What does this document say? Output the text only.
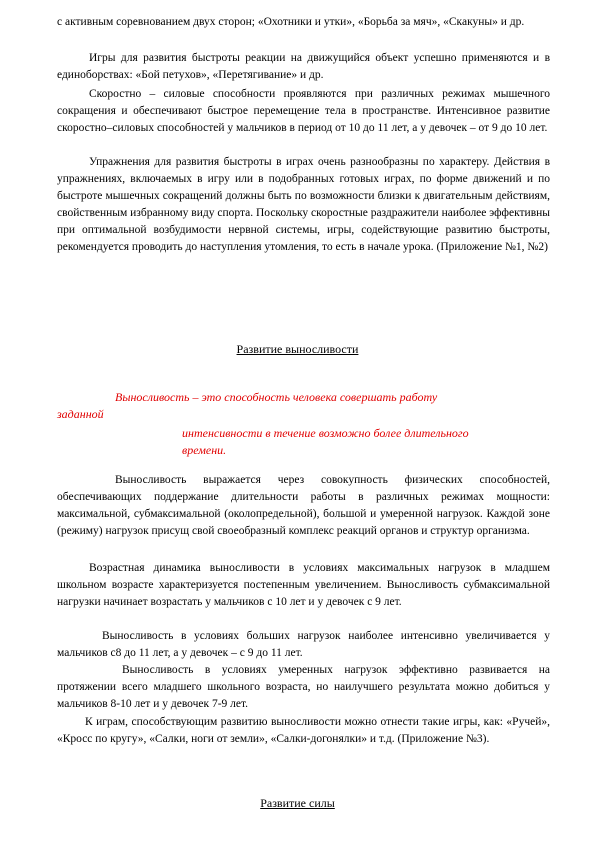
с активным соревнованием двух сторон; «Охотники и утки», «Борьба за мяч», «Скакуны» и др.

Игры для развития быстроты реакции на движущийся объект успешно применяются и в единоборствах: «Бой петухов», «Перетягивание» и др.

Скоростно – силовые способности проявляются при различных режимах мышечного сокращения и обеспечивают быстрое перемещение тела в пространстве. Интенсивное развитие скоростно–силовых способностей у мальчиков в период от 10 до 11 лет, а у девочек – от 9 до 10 лет.

Упражнения для развития быстроты в играх очень разнообразны по характеру. Действия в упражнениях, включаемых в игру или в подобранных готовых играх, по форме движений и по быстроте мышечных сокращений должны быть по возможности близки к двигательным действиям, свойственным избранному виду спорта. Поскольку скоростные раздражители наиболее эффективны при оптимальной возбудимости нервной системы, игры, содействующие развитию быстроты, рекомендуется проводить до наступления утомления, то есть в начале урока. (Приложение №1, №2)

Развитие выносливости

Выносливость – это способность человека совершать работу

заданной

интенсивности в течение возможно более длительного

времени.

Выносливость выражается через совокупность физических способностей, обеспечивающих поддержание длительности работы в различных режимах мощности: максимальной, субмаксимальной (околопредельной), большой и умеренной нагрузок. Каждой зоне (режиму) нагрузок присущ свой своеобразный комплекс реакций органов и структур организма.

Возрастная динамика выносливости в условиях максимальных нагрузок в младшем школьном возрасте характеризуется постепенным увеличением. Выносливость субмаксимальной нагрузки начинает возрастать у мальчиков с 10 лет и у девочек с 9 лет.

Выносливость в условиях больших нагрузок наиболее интенсивно увеличивается у мальчиков с8 до 11 лет, а у девочек – с 9 до 11 лет.

Выносливость в условиях умеренных нагрузок эффективно развивается на протяжении всего младшего школьного возраста, но наилучшего результата можно добиться у мальчиков 8-10 лет и у девочек 7-9 лет.

К играм, способствующим развитию выносливости можно отнести такие игры, как: «Ручей», «Кросс по кругу», «Салки, ноги от земли», «Салки-догонялки» и т.д. (Приложение №3).

Развитие силы
